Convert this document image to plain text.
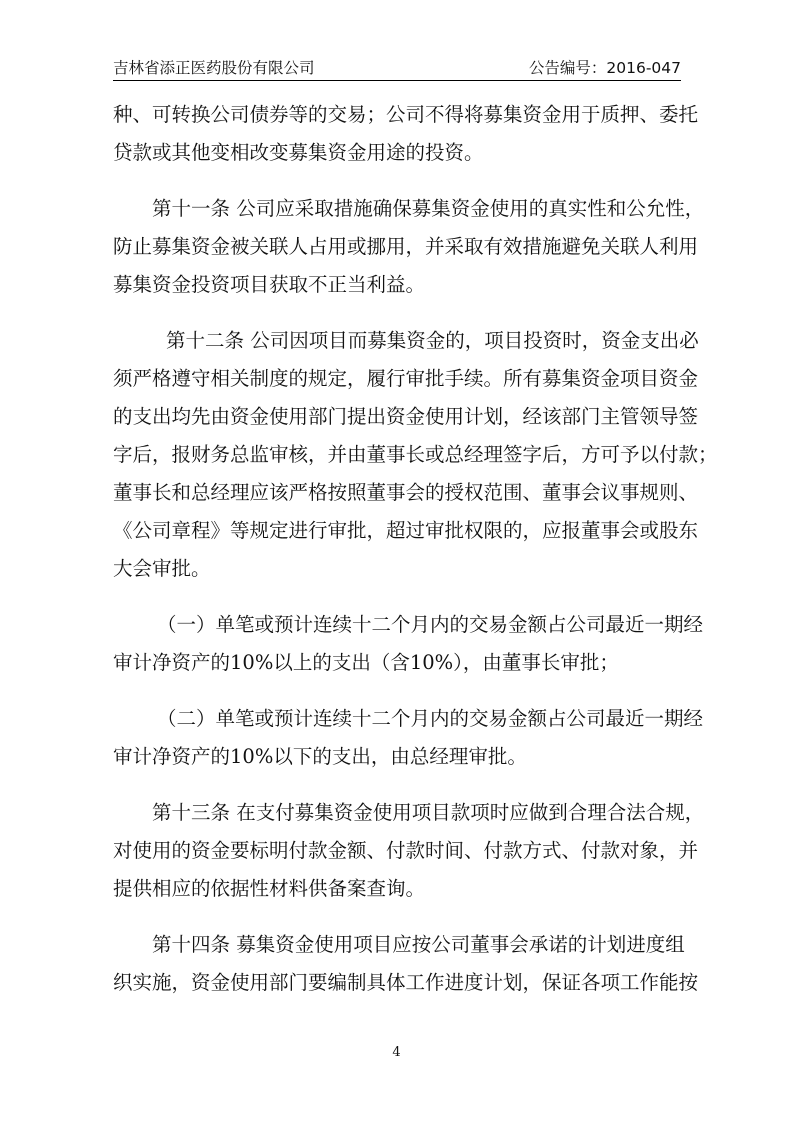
吉林省添正医药股份有限公司	公告编号：2016-047
种、可转换公司债券等的交易；公司不得将募集资金用于质押、委托
贷款或其他变相改变募集资金用途的投资。
第十一条 公司应采取措施确保募集资金使用的真实性和公允性，
防止募集资金被关联人占用或挪用，并采取有效措施避免关联人利用
募集资金投资项目获取不正当利益。
第十二条 公司因项目而募集资金的，项目投资时，资金支出必
须严格遵守相关制度的规定，履行审批手续。所有募集资金项目资金
的支出均先由资金使用部门提出资金使用计划，经该部门主管领导签
字后，报财务总监审核，并由董事长或总经理签字后，方可予以付款；
董事长和总经理应该严格按照董事会的授权范围、董事会议事规则、
《公司章程》等规定进行审批，超过审批权限的，应报董事会或股东
大会审批。
（一）单笔或预计连续十二个月内的交易金额占公司最近一期经
审计净资产的10%以上的支出（含10%），由董事长审批；
（二）单笔或预计连续十二个月内的交易金额占公司最近一期经
审计净资产的10%以下的支出，由总经理审批。
第十三条 在支付募集资金使用项目款项时应做到合理合法合规，
对使用的资金要标明付款金额、付款时间、付款方式、付款对象，并
提供相应的依据性材料供备案查询。
第十四条 募集资金使用项目应按公司董事会承诺的计划进度组
织实施，资金使用部门要编制具体工作进度计划，保证各项工作能按
4
